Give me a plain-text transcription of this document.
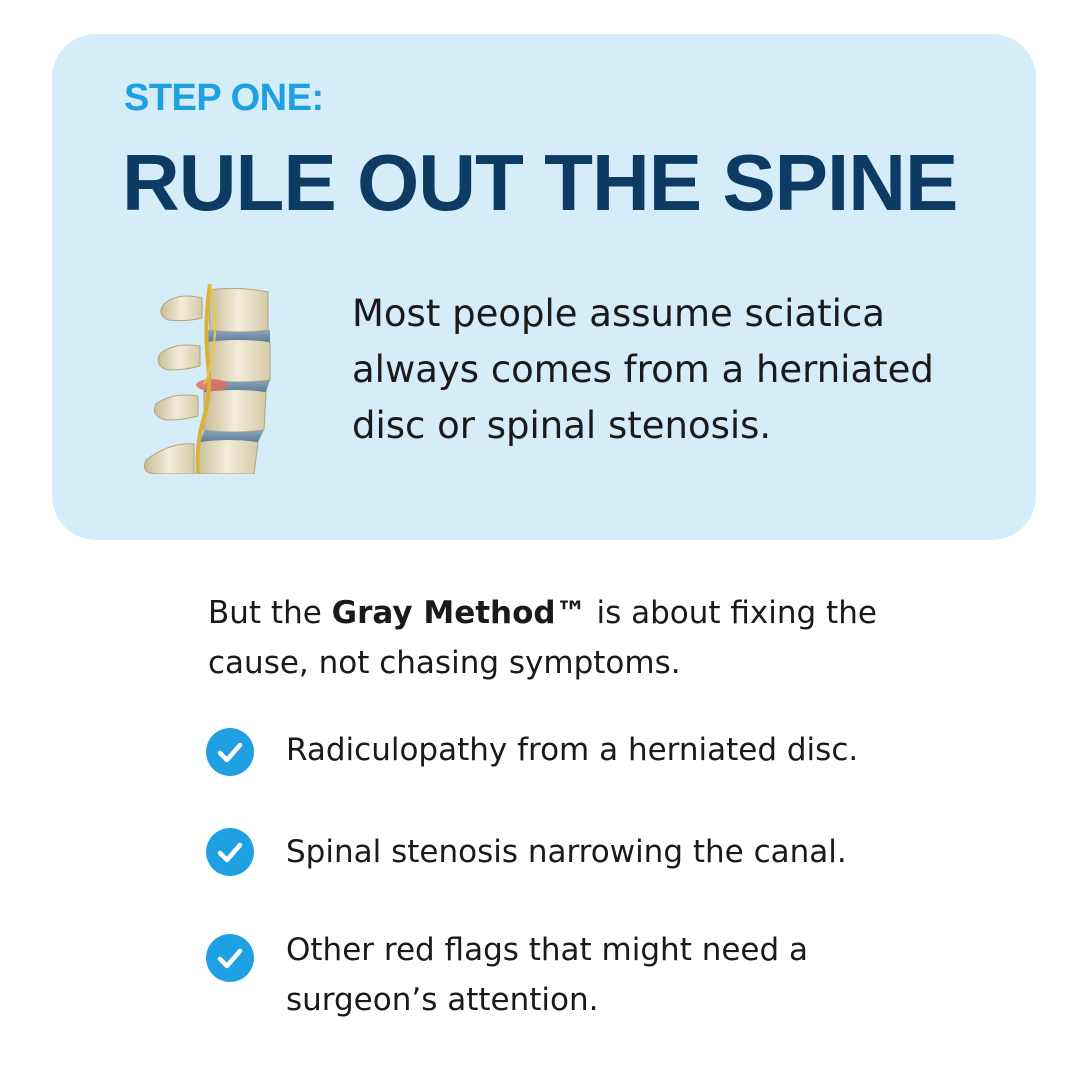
STEP ONE:
RULE OUT THE SPINE
Most people assume sciatica always comes from a herniated disc or spinal stenosis.
But the Gray Method™ is about fixing the cause, not chasing symptoms.
Radiculopathy from a herniated disc.
Spinal stenosis narrowing the canal.
Other red flags that might need a surgeon’s attention.
